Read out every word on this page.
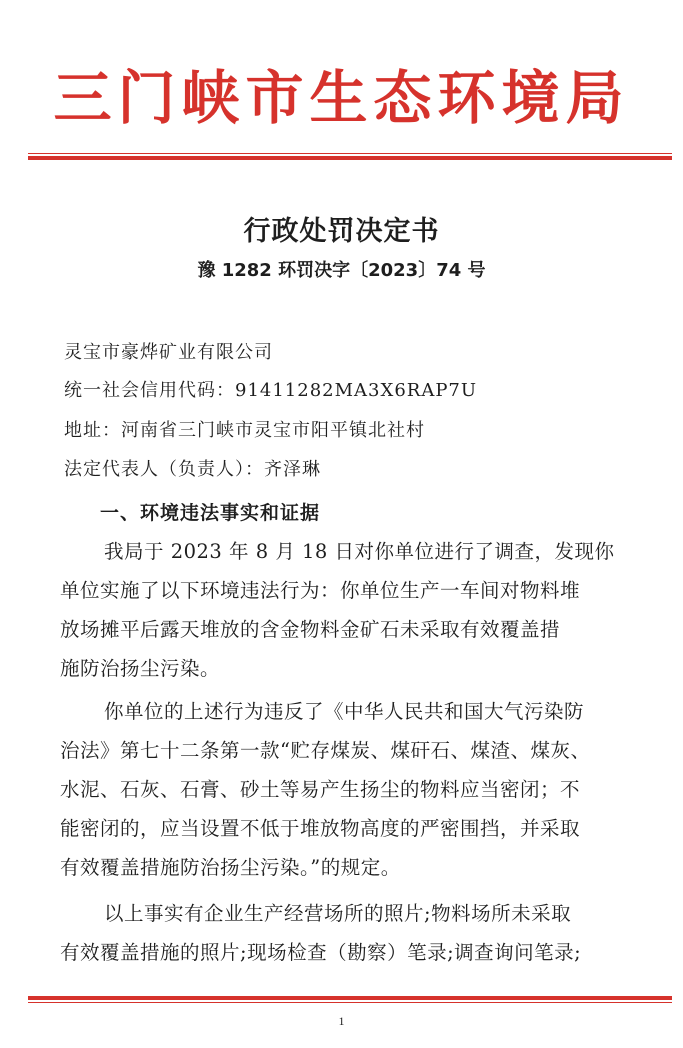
三门峡市生态环境局
行政处罚决定书
豫 1282 环罚决字〔2023〕74 号
灵宝市豪烨矿业有限公司
统一社会信用代码：91411282MA3X6RAP7U
地址：河南省三门峡市灵宝市阳平镇北社村
法定代表人（负责人）：齐泽琳
一、环境违法事实和证据
我局于 2023 年 8 月 18 日对你单位进行了调查，发现你
单位实施了以下环境违法行为：你单位生产一车间对物料堆
放场摊平后露天堆放的含金物料金矿石未采取有效覆盖措
施防治扬尘污染。
你单位的上述行为违反了《中华人民共和国大气污染防
治法》第七十二条第一款“贮存煤炭、煤矸石、煤渣、煤灰、
水泥、石灰、石膏、砂土等易产生扬尘的物料应当密闭；不
能密闭的，应当设置不低于堆放物高度的严密围挡，并采取
有效覆盖措施防治扬尘污染。”的规定。
以上事实有企业生产经营场所的照片;物料场所未采取
有效覆盖措施的照片;现场检查（勘察）笔录;调查询问笔录;
1
